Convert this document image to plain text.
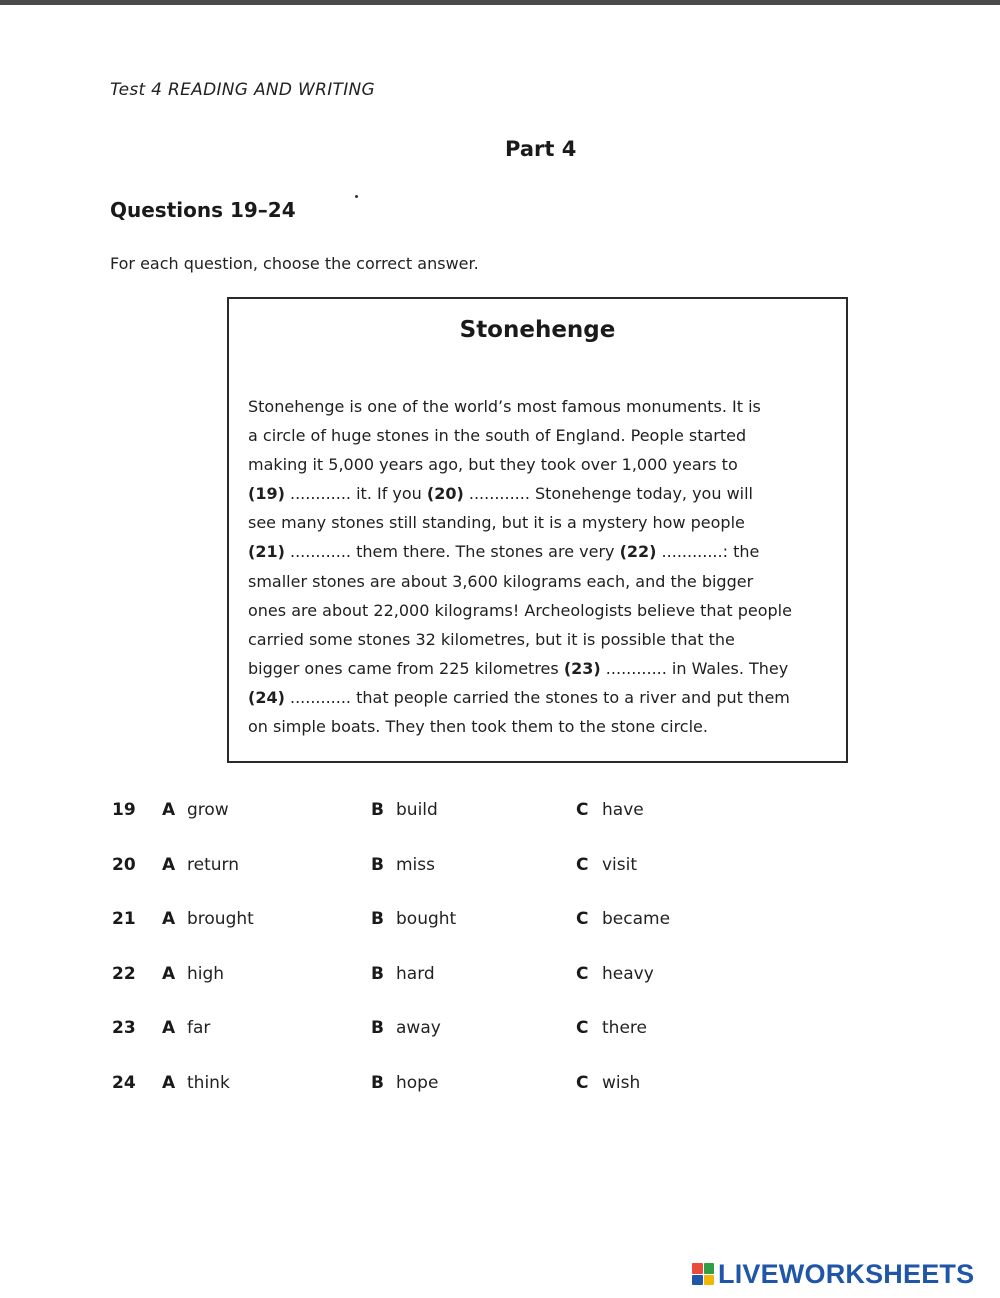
Test 4 READING AND WRITING
Part 4
Questions 19–24
For each question, choose the correct answer.
Stonehenge
Stonehenge is one of the world’s most famous monuments. It is
a circle of huge stones in the south of England. People started
making it 5,000 years ago, but they took over 1,000 years to
(19) ............ it. If you (20) ............ Stonehenge today, you will
see many stones still standing, but it is a mystery how people
(21) ............ them there. The stones are very (22) ............: the
smaller stones are about 3,600 kilograms each, and the bigger
ones are about 22,000 kilograms! Archeologists believe that people
carried some stones 32 kilometres, but it is possible that the
bigger ones came from 225 kilometres (23) ............ in Wales. They
(24) ............ that people carried the stones to a river and put them
on simple boats. They then took them to the stone circle.
19 A grow	B build	C have
20 A return	B miss	C visit
21 A brought	B bought	C became
22 A high	B hard	C heavy
23 A far	B away	C there
24 A think	B hope	C wish
LIVEWORKSHEETS
